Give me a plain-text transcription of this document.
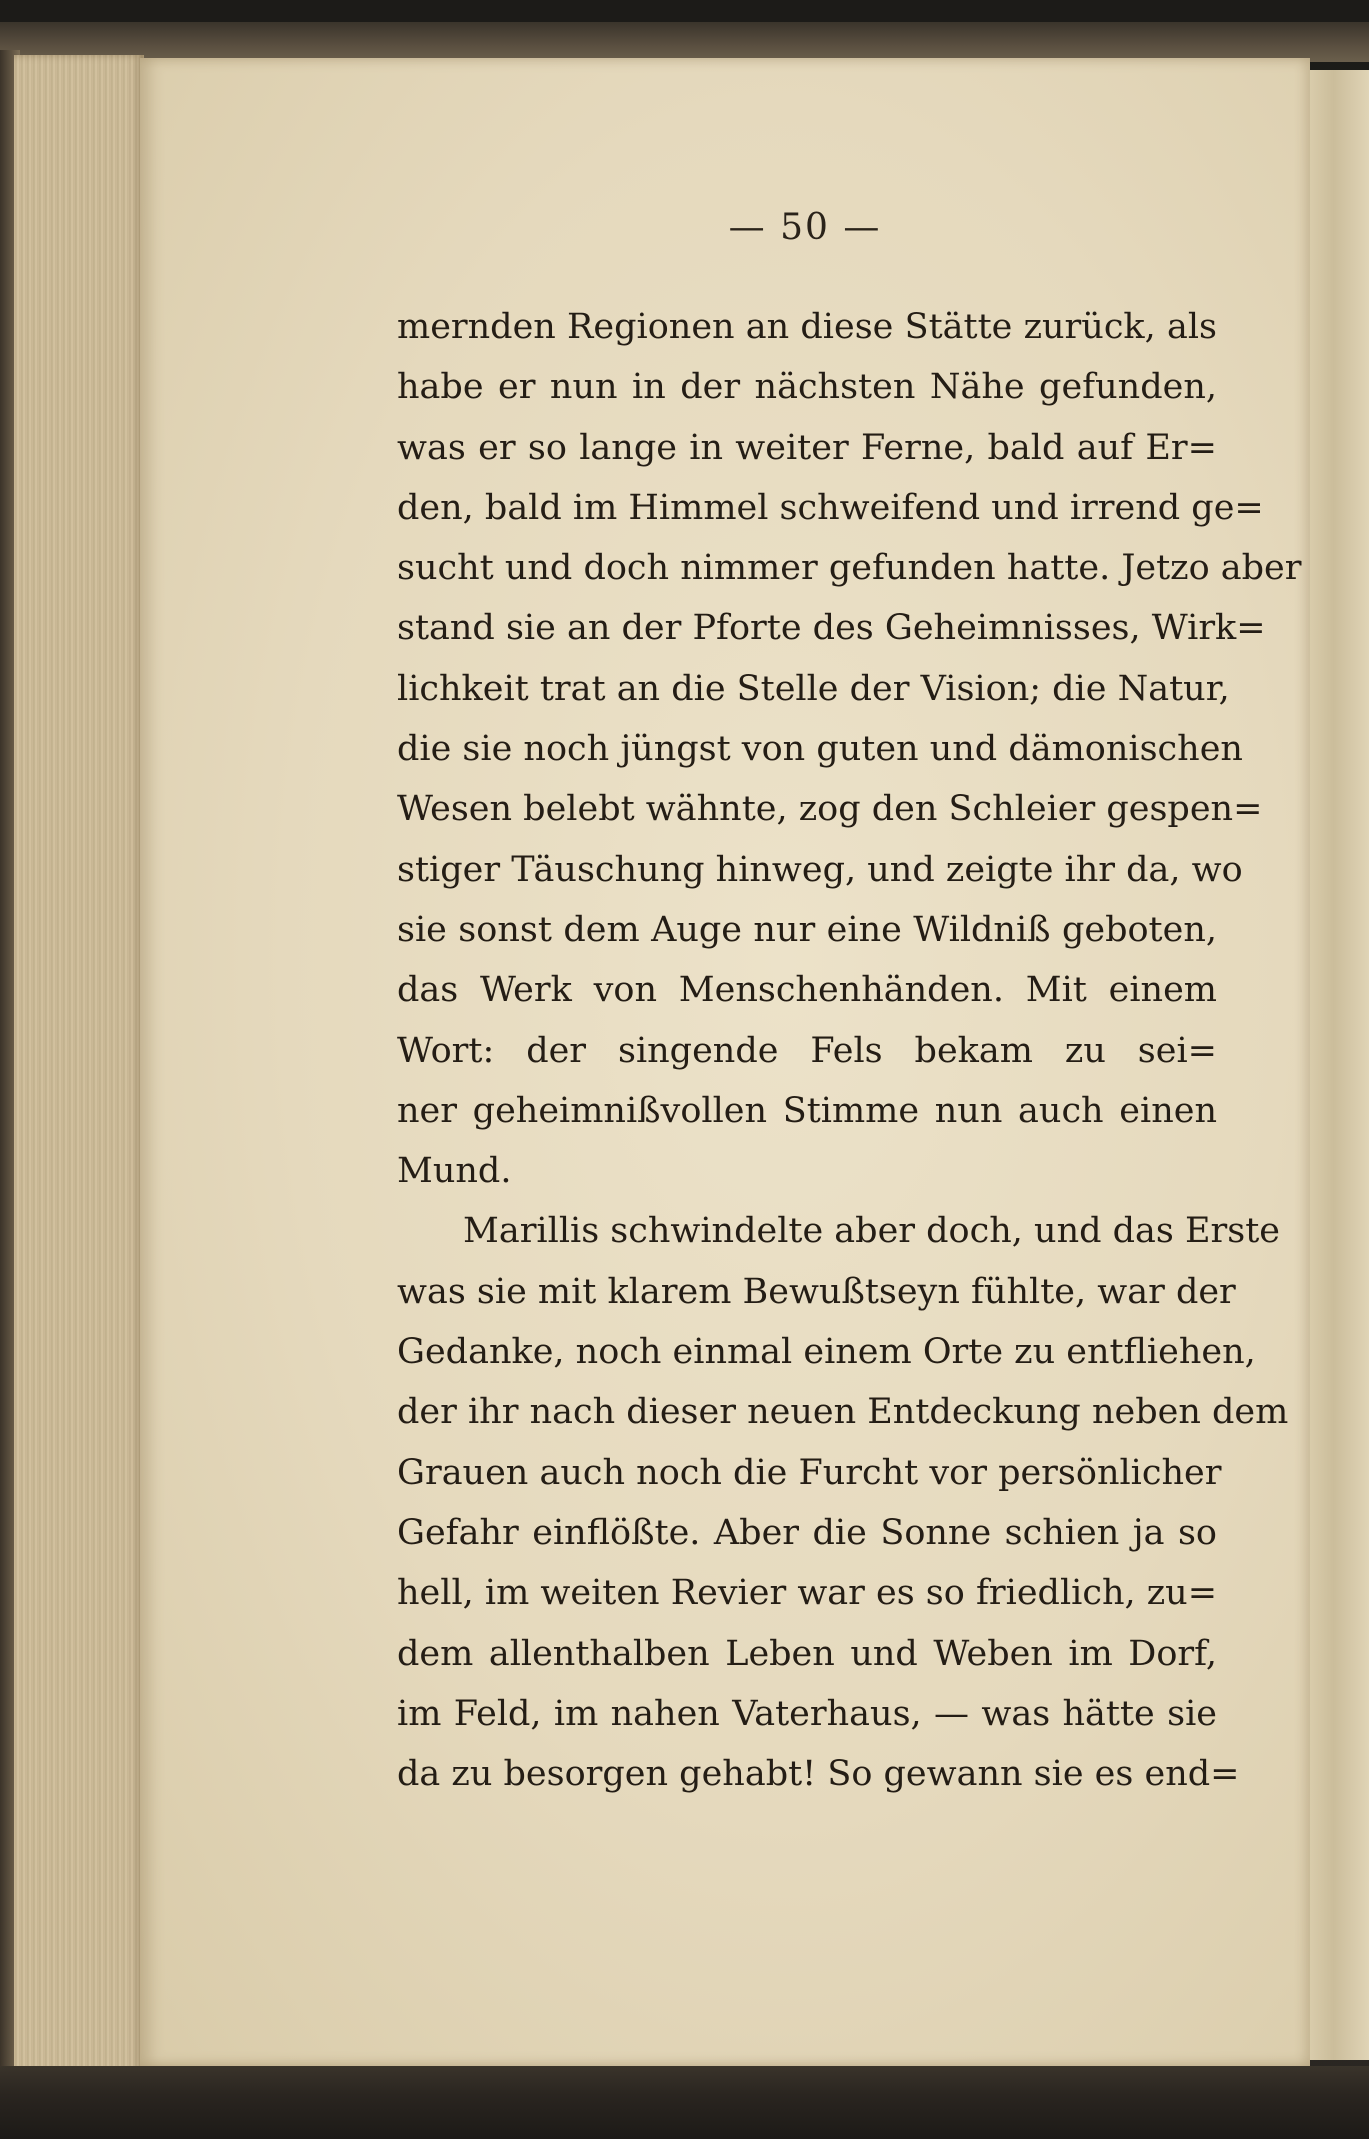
— 50 —
mernden Regionen an diese Stätte zurück, als
habe er nun in der nächsten Nähe gefunden,
was er so lange in weiter Ferne, bald auf Er=
den, bald im Himmel schweifend und irrend ge=
sucht und doch nimmer gefunden hatte. Jetzo aber
stand sie an der Pforte des Geheimnisses, Wirk=
lichkeit trat an die Stelle der Vision; die Natur,
die sie noch jüngst von guten und dämonischen
Wesen belebt wähnte, zog den Schleier gespen=
stiger Täuschung hinweg, und zeigte ihr da, wo
sie sonst dem Auge nur eine Wildniß geboten,
das Werk von Menschenhänden. Mit einem
Wort: der singende Fels bekam zu sei=
ner geheimnißvollen Stimme nun auch einen
Mund.
Marillis schwindelte aber doch, und das Erste
was sie mit klarem Bewußtseyn fühlte, war der
Gedanke, noch einmal einem Orte zu entfliehen,
der ihr nach dieser neuen Entdeckung neben dem
Grauen auch noch die Furcht vor persönlicher
Gefahr einflößte. Aber die Sonne schien ja so
hell, im weiten Revier war es so friedlich, zu=
dem allenthalben Leben und Weben im Dorf,
im Feld, im nahen Vaterhaus, — was hätte sie
da zu besorgen gehabt! So gewann sie es end=
